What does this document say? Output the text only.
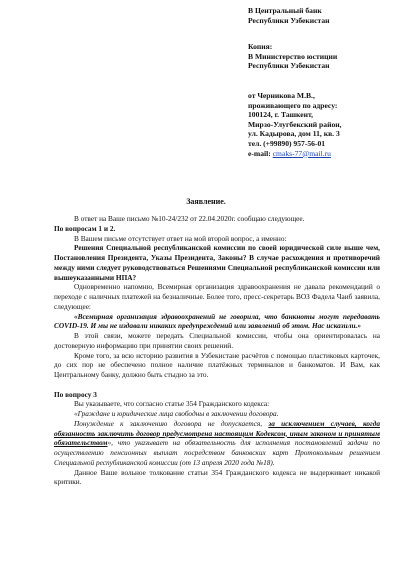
В Центральный банк
Республики Узбекистан
Копия:
В Министерство юстиции
Республики Узбекистан
от Черникова М.В.,
проживающего по адресу:
100124, г. Ташкент,
Мирзо-Улугбекский район,
ул. Кадырова, дом 11, кв. 3
тел. (+99890) 957-56-01
e-mail: cmaks-77@mail.ru
Заявление.

В ответ на Ваше письмо №10-24/232 от 22.04.2020г. сообщаю следующее.

По вопросам 1 и 2.

В Вашем письме отсутствует ответ на мой второй вопрос, а именно:

Решения Специальной республиканской комиссии по своей юридической силе выше чем, Постановления Президента, Указы Президента, Законы? В случае расхождения и противоречий между ними следует руководствоваться Решениями Специальной республиканской комиссии или вышеуказанными НПА?

Одновременно напомню, Всемирная организация здравоохранения не давала рекомендаций о переходе с наличных платежей на безналичные. Более того, пресс-секретарь ВОЗ Фадела Чаиб заявила, следующее:

«Всемирная организация здравоохранений не говорила, что банкноты могут передавать COVID-19. И мы не издавали никаких предупреждений или заявлений об этом. Нас исказили.»

В этой связи, можете передать Специальной комиссии, чтобы она ориентировалась на достоверную информацию при принятии своих решений.

Кроме того, за всю историю развития в Узбекистане расчётов с помощью пластиковых карточек, до сих пор не обеспечено полное наличие платёжных терминалов и банкоматов. И Вам, как Центральному банку, должно быть стыдно за это.

По вопросу 3

Вы указываете, что согласно статье 354 Гражданского кодекса:

«Граждане и юридические лица свободны в заключении договора.

Понуждение к заключению договора не допускается, за исключением случаев, когда обязанность заключить договор предусмотрена настоящим Кодексом, иным законом и принятым обязательством», что указывает на обязательность для исполнения постановлений задачи по осуществлению пенсионных выплат посредством банковских карт Протокольным решением Специальной республиканской комиссии (от 13 апреля 2020 года №18).

Данное Ваше вольное толкование статьи 354 Гражданского кодекса не выдерживает никакой критики.
